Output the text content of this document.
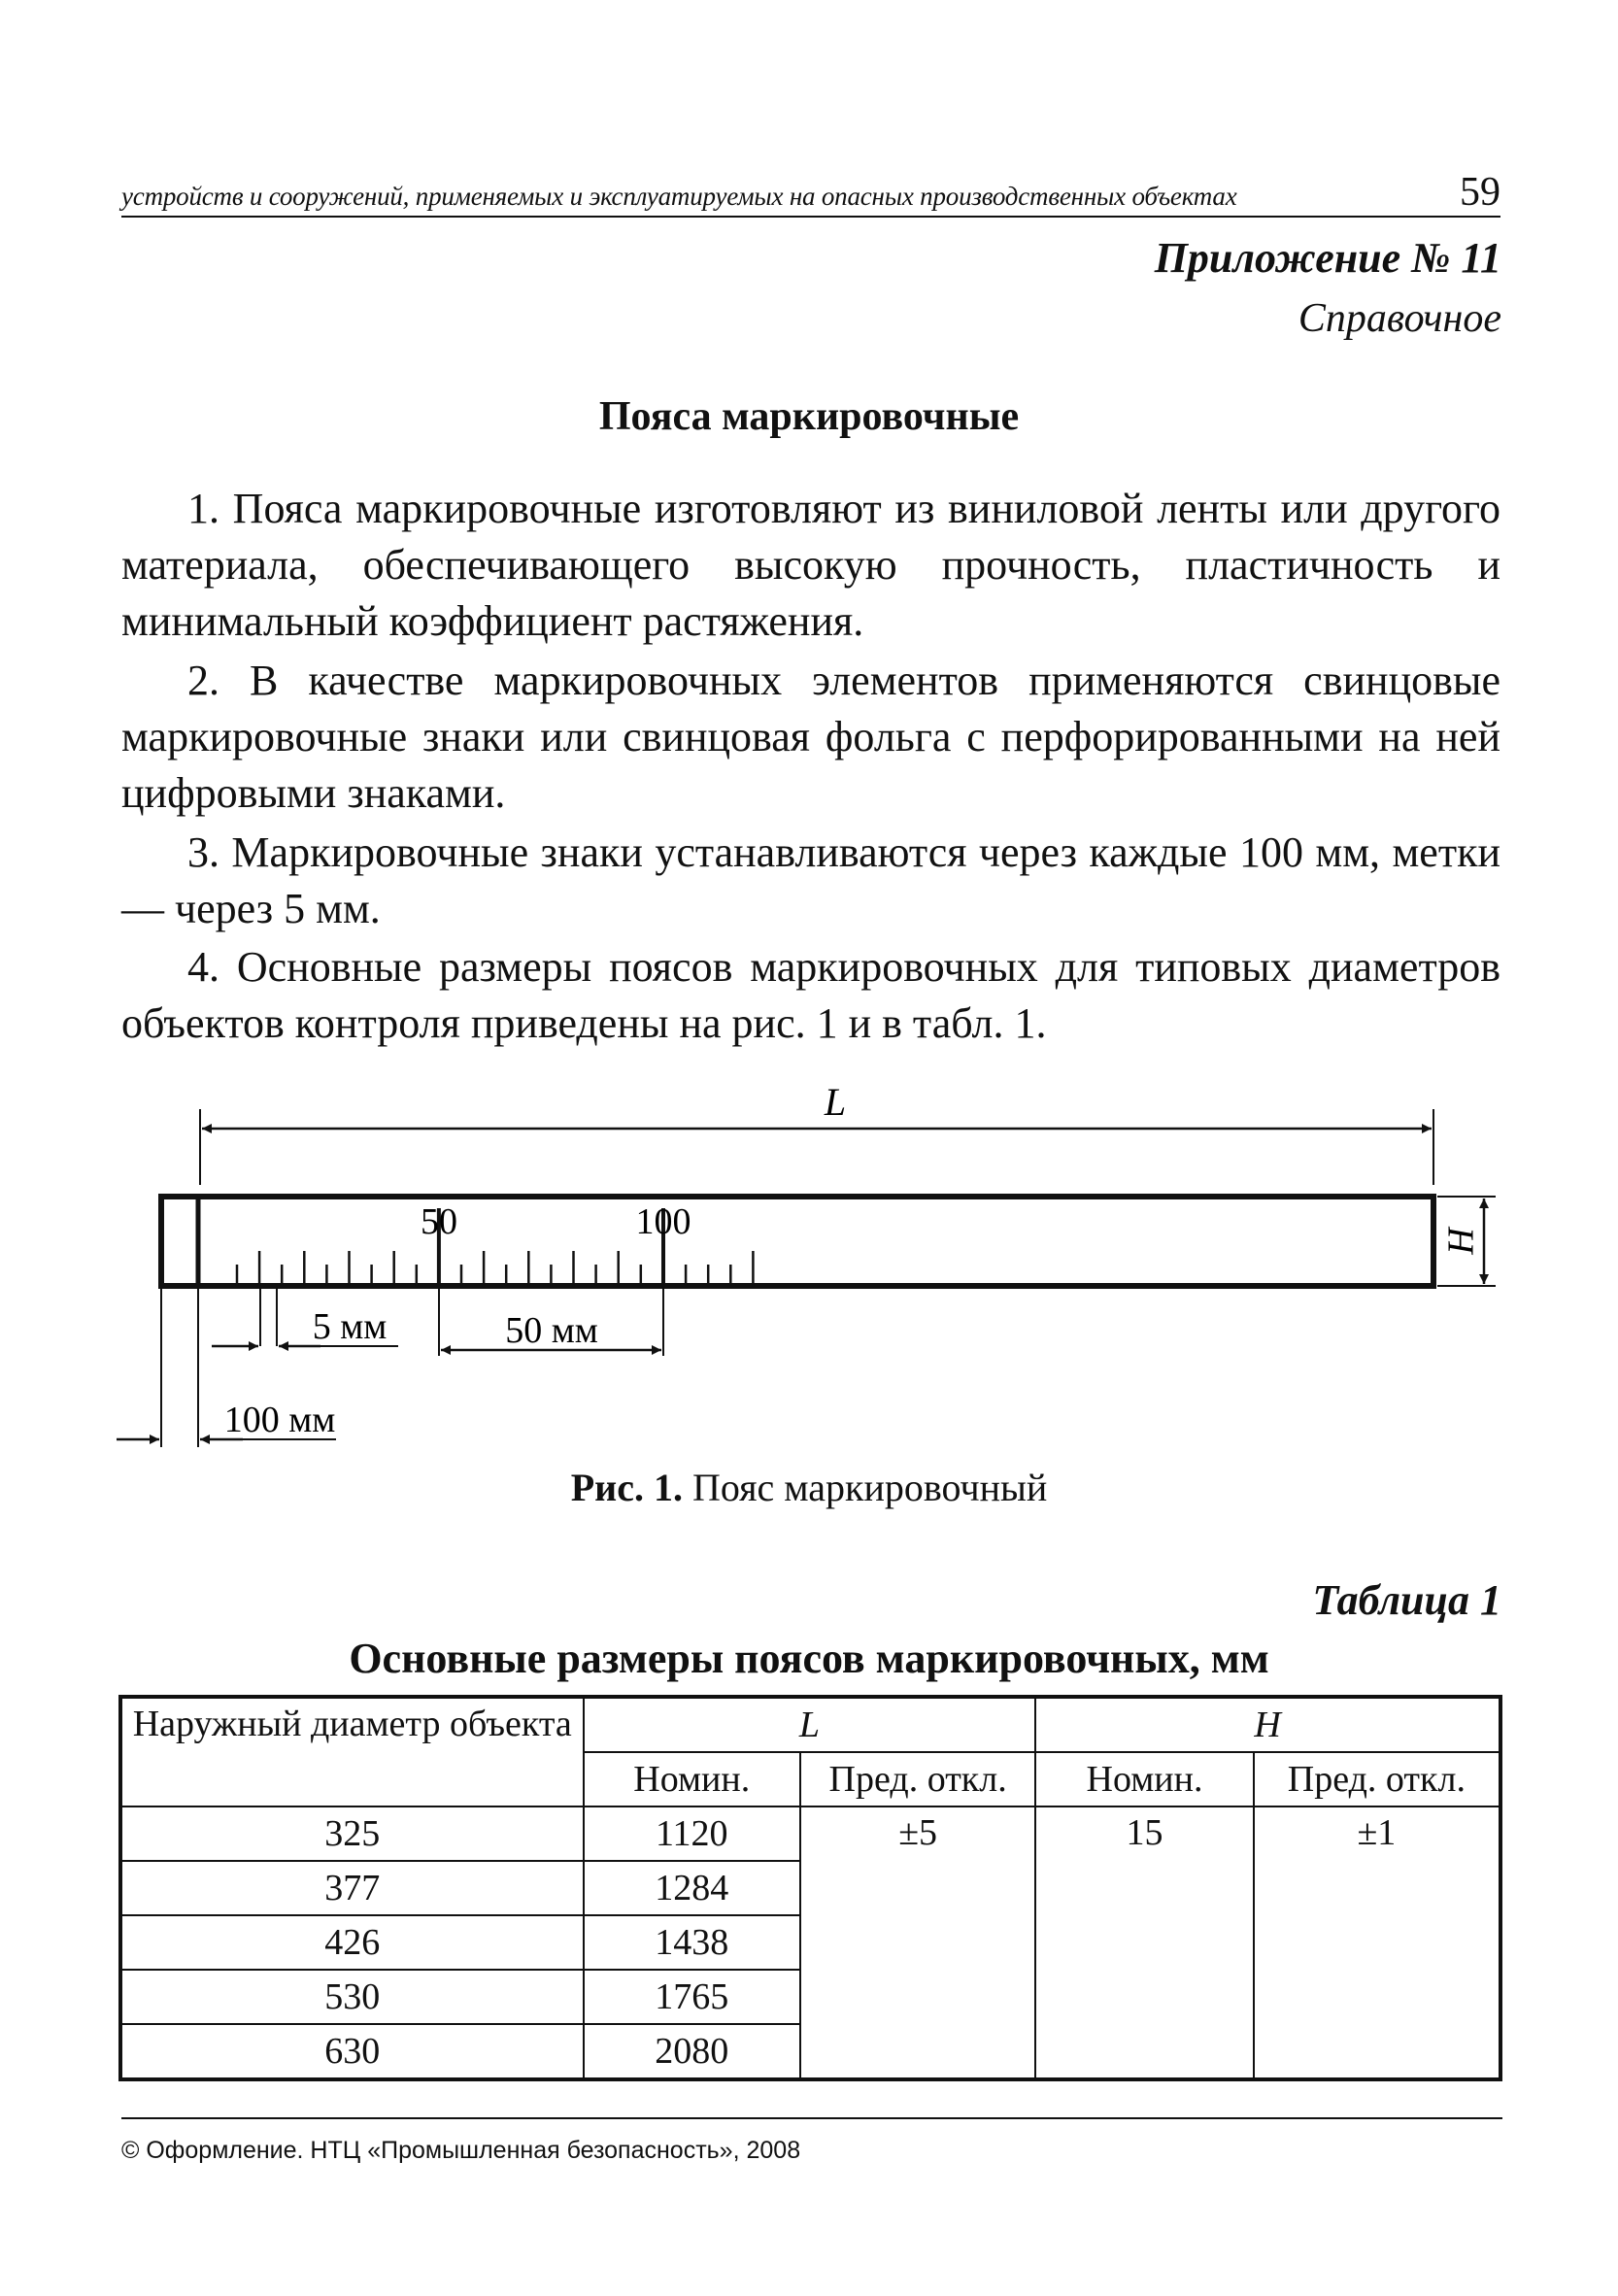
устройств и сооружений, применяемых и эксплуатируемых на опасных производственных объектах	59
Приложение № 11
Справочное
Пояса маркировочные

1. Пояса маркировочные изготовляют из виниловой ленты или другого материала, обеспечивающего высокую прочность, пластичность и минимальный коэффициент растяжения.

2. В качестве маркировочных элементов применяются свинцовые маркировочные знаки или свинцовая фольга с перфорированными на ней цифровыми знаками.

3. Маркировочные знаки устанавливаются через каждые 100 мм, метки — через 5 мм.

4. Основные размеры поясов маркировочных для типовых диаметров объектов контроля приведены на рис. 1 и в табл. 1.

L
50	100	H
5 мм	50 мм
100 мм
Рис. 1. Пояс маркировочный
Таблица 1
Основные размеры поясов маркировочных, мм
Наружный диаметр объекта	L		H	
	Номин.	Пред. откл.	Номин.	Пред. откл.
325	1120	±5	15	±1
377	1284			
426	1438			
530	1765			
630	2080			
© Оформление. НТЦ «Промышленная безопасность», 2008
